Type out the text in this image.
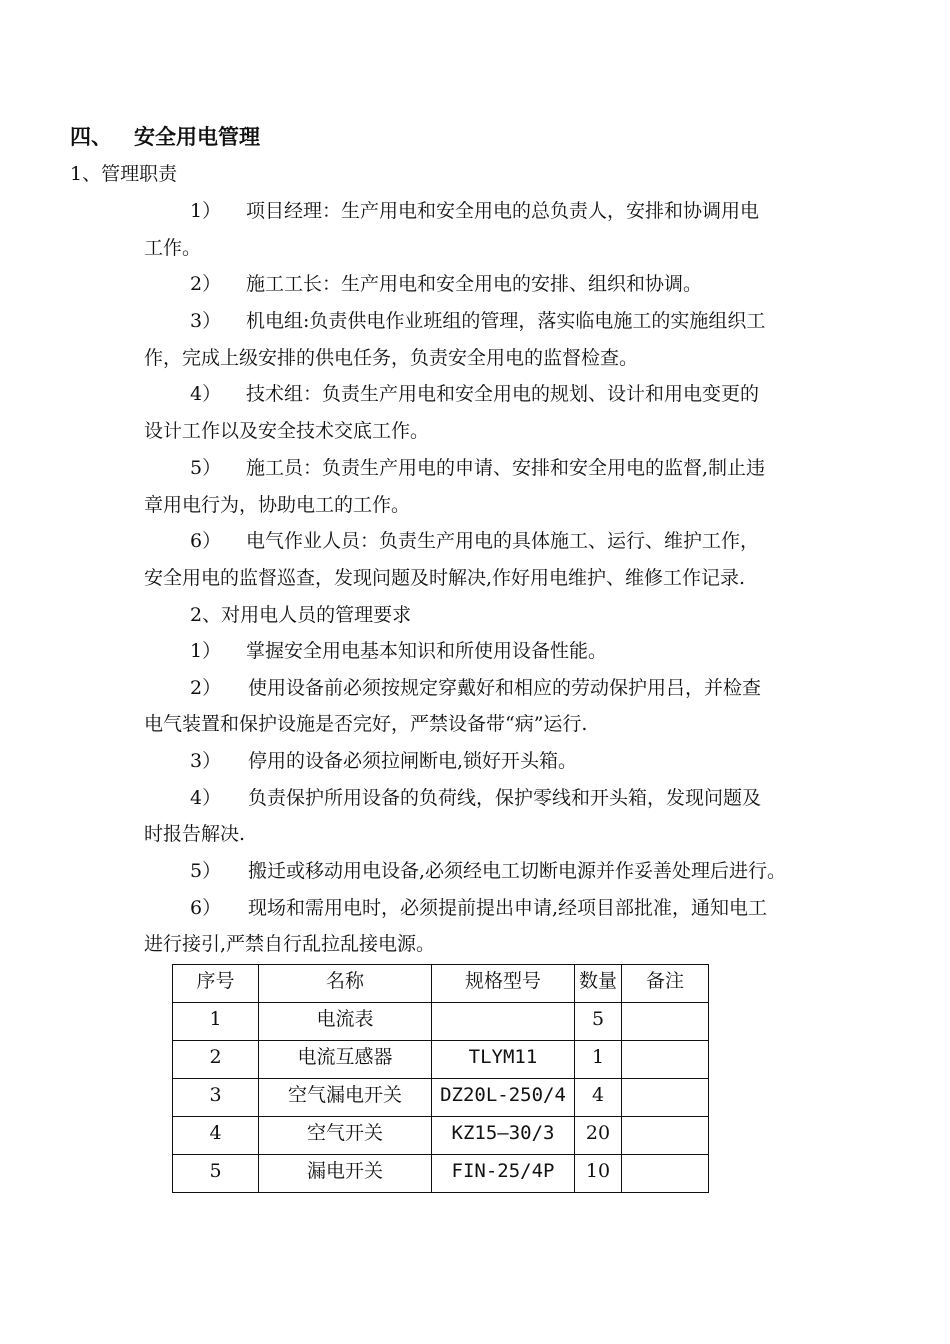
四、 安全用电管理
1、管理职责
1） 项目经理：生产用电和安全用电的总负责人，安排和协调用电
工作。
2） 施工工长：生产用电和安全用电的安排、组织和协调。
3） 机电组:负责供电作业班组的管理，落实临电施工的实施组织工
作，完成上级安排的供电任务，负责安全用电的监督检查。
4） 技术组：负责生产用电和安全用电的规划、设计和用电变更的
设计工作以及安全技术交底工作。
5） 施工员：负责生产用电的申请、安排和安全用电的监督,制止违
章用电行为，协助电工的工作。
6） 电气作业人员：负责生产用电的具体施工、运行、维护工作，
安全用电的监督巡查，发现问题及时解决,作好用电维护、维修工作记录.
2、对用电人员的管理要求
1） 掌握安全用电基本知识和所使用设备性能。
2） 使用设备前必须按规定穿戴好和相应的劳动保护用吕，并检查
电气装置和保护设施是否完好，严禁设备带“病”运行.
3） 停用的设备必须拉闸断电,锁好开头箱。
4） 负责保护所用设备的负荷线，保护零线和开头箱，发现问题及
时报告解决.
5） 搬迁或移动用电设备,必须经电工切断电源并作妥善处理后进行。
6） 现场和需用电时，必须提前提出申请,经项目部批准，通知电工
进行接引,严禁自行乱拉乱接电源。
序号	名称	规格型号	数量	备注
1	电流表		5	
2	电流互感器	TLYM11	1	
3	空气漏电开关	DZ20L-250/4	4	
4	空气开关	KZ15—30/3	20	
5	漏电开关	FIN-25/4P	10	
